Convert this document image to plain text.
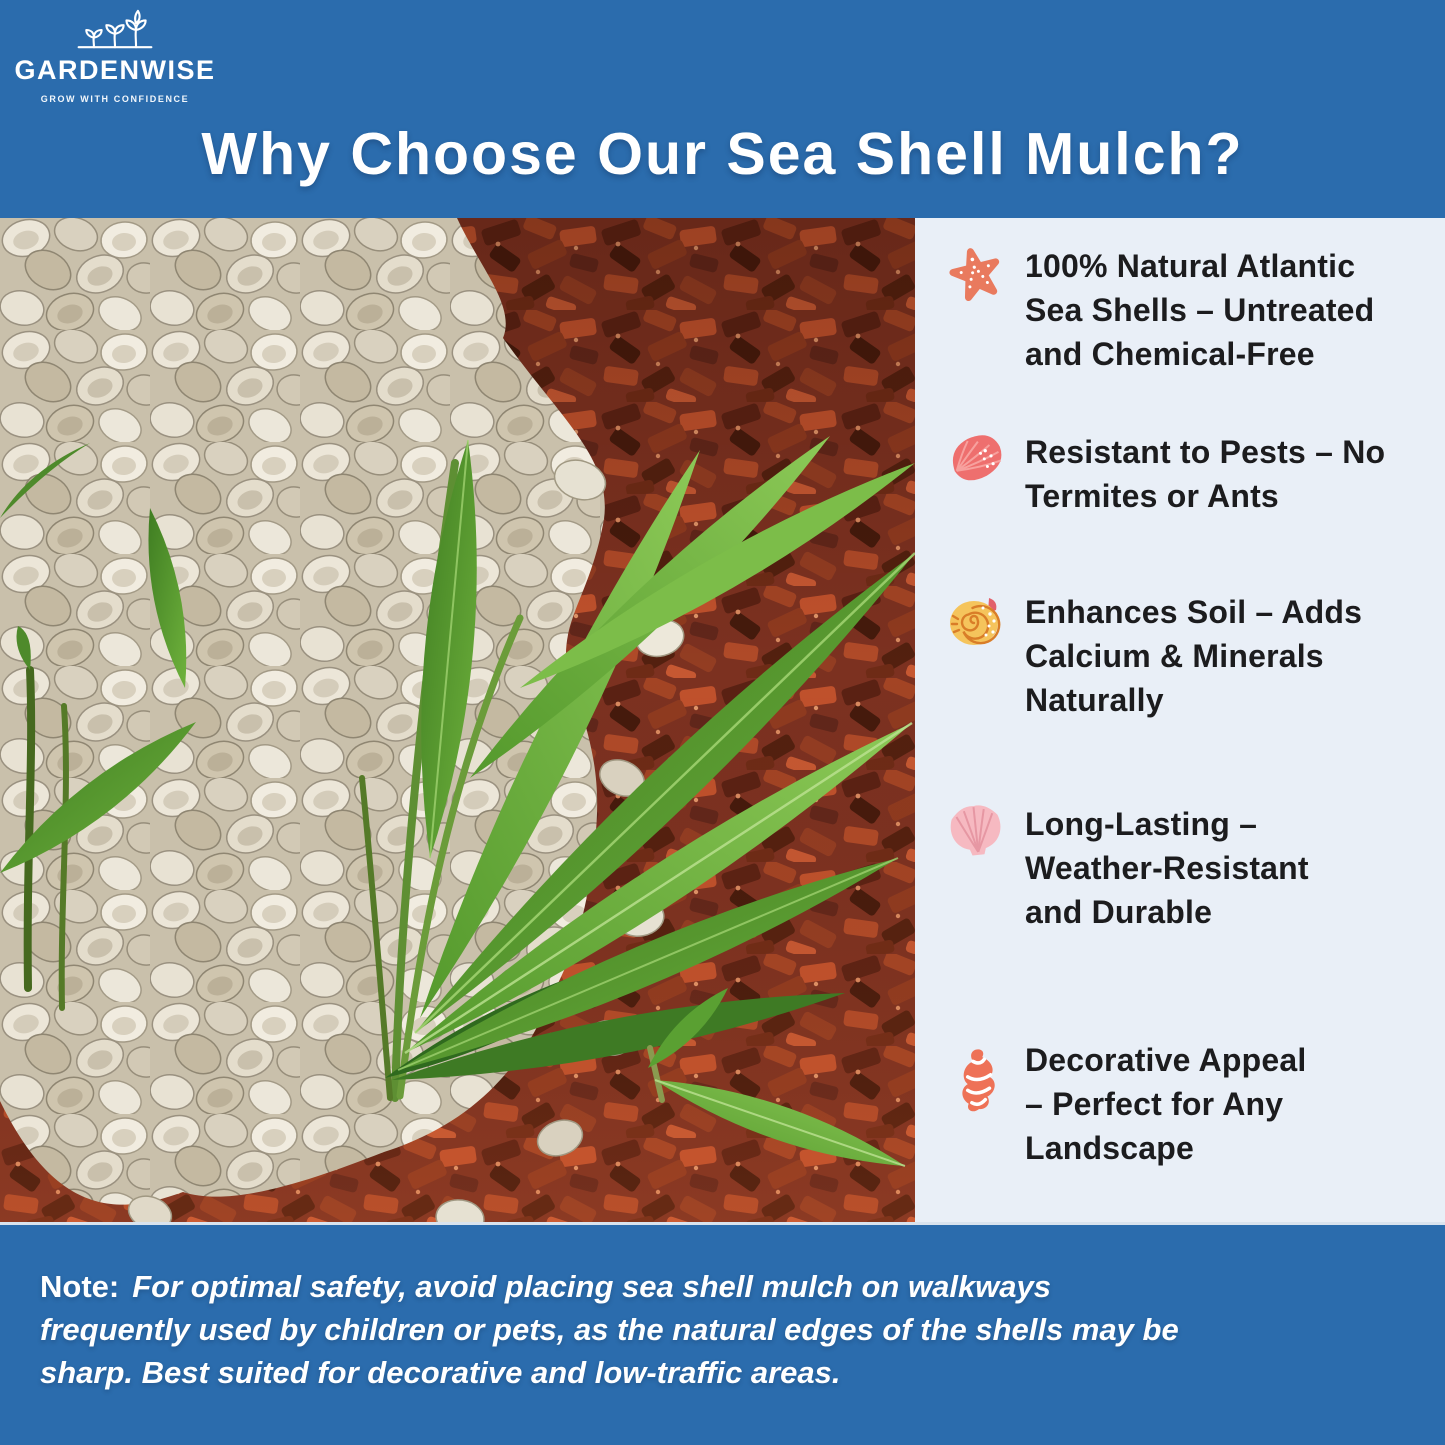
GARDENWISE
GROW WITH CONFIDENCE
Why Choose Our Sea Shell Mulch?
100% Natural Atlantic
Sea Shells – Untreated
and Chemical-Free
Resistant to Pests – No
Termites or Ants
Enhances Soil – Adds
Calcium & Minerals
Naturally
Long-Lasting –
Weather-Resistant
and Durable
Decorative Appeal
– Perfect for Any
Landscape
Note: For optimal safety, avoid placing sea shell mulch on walkways
frequently used by children or pets, as the natural edges of the shells may be
sharp. Best suited for decorative and low-traffic areas.
